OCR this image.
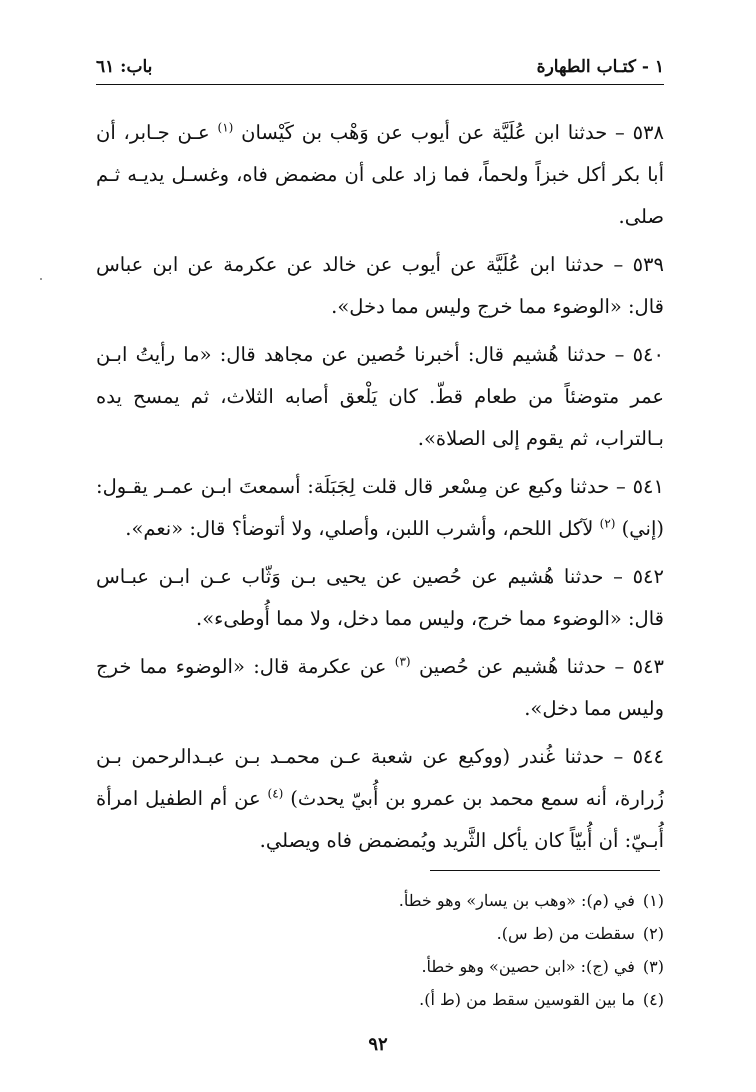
١ - كتـاب الطهارة
باب: ٦١

٥٣٨ – حدثنا ابن عُلَيَّة عن أيوب عن وَهْب بن كَيْسان $^{(١)}$ عـن جـابر، أن أبا بكر أكل خبزاً ولحماً، فما زاد على أن مضمض فاه، وغسـل يديـه ثـم صلى.

٥٣٩ – حدثنا ابن عُلَيَّة عن أيوب عن خالد عن عكرمة عن ابن عباس قال: «الوضوء مما خرج وليس مما دخل».

٥٤٠ – حدثنا هُشيم قال: أخبرنا حُصين عن مجاهد قال: «ما رأيتُ ابـن عمر متوضئاً من طعام قطّ. كان يَلْعق أصابه الثلاث، ثم يمسح يده بـالتراب، ثم يقوم إلى الصلاة».

٥٤١ – حدثنا وكيع عن مِسْعر قال قلت لِجَبَلَة: أسمعتَ ابـن عمـر يقـول: (إني) $^{(٢)}$ لآكل اللحم، وأشرب اللبن، وأصلي، ولا أتوضأ؟ قال: «نعم».

٥٤٢ – حدثنا هُشيم عن حُصين عن يحيى بـن وَثّاب عـن ابـن عبـاس قال: «الوضوء مما خرج، وليس مما دخل، ولا مما أُوطىء».

٥٤٣ – حدثنا هُشيم عن حُصين $^{(٣)}$ عن عكرمة قال: «الوضوء مما خرج وليس مما دخل».

٥٤٤ – حدثنا غُندر (ووكيع عن شعبة عـن محمـد بـن عبـدالرحمن بـن زُرارة، أنه سمع محمد بن عمرو بن أُبيّ يحدث) $^{(٤)}$ عن أم الطفيل امرأة أُبـيّ: أن أُبيّاً كان يأكل الثَّريد ويُمضمض فاه ويصلي.

(١)
في (م): «وهب بن يسار» وهو خطأ.
(٢)
سقطت من (ط س).
(٣)
في (ج): «ابن حصين» وهو خطأ.
(٤)
ما بين القوسين سقط من (ط أ).
٩٢
